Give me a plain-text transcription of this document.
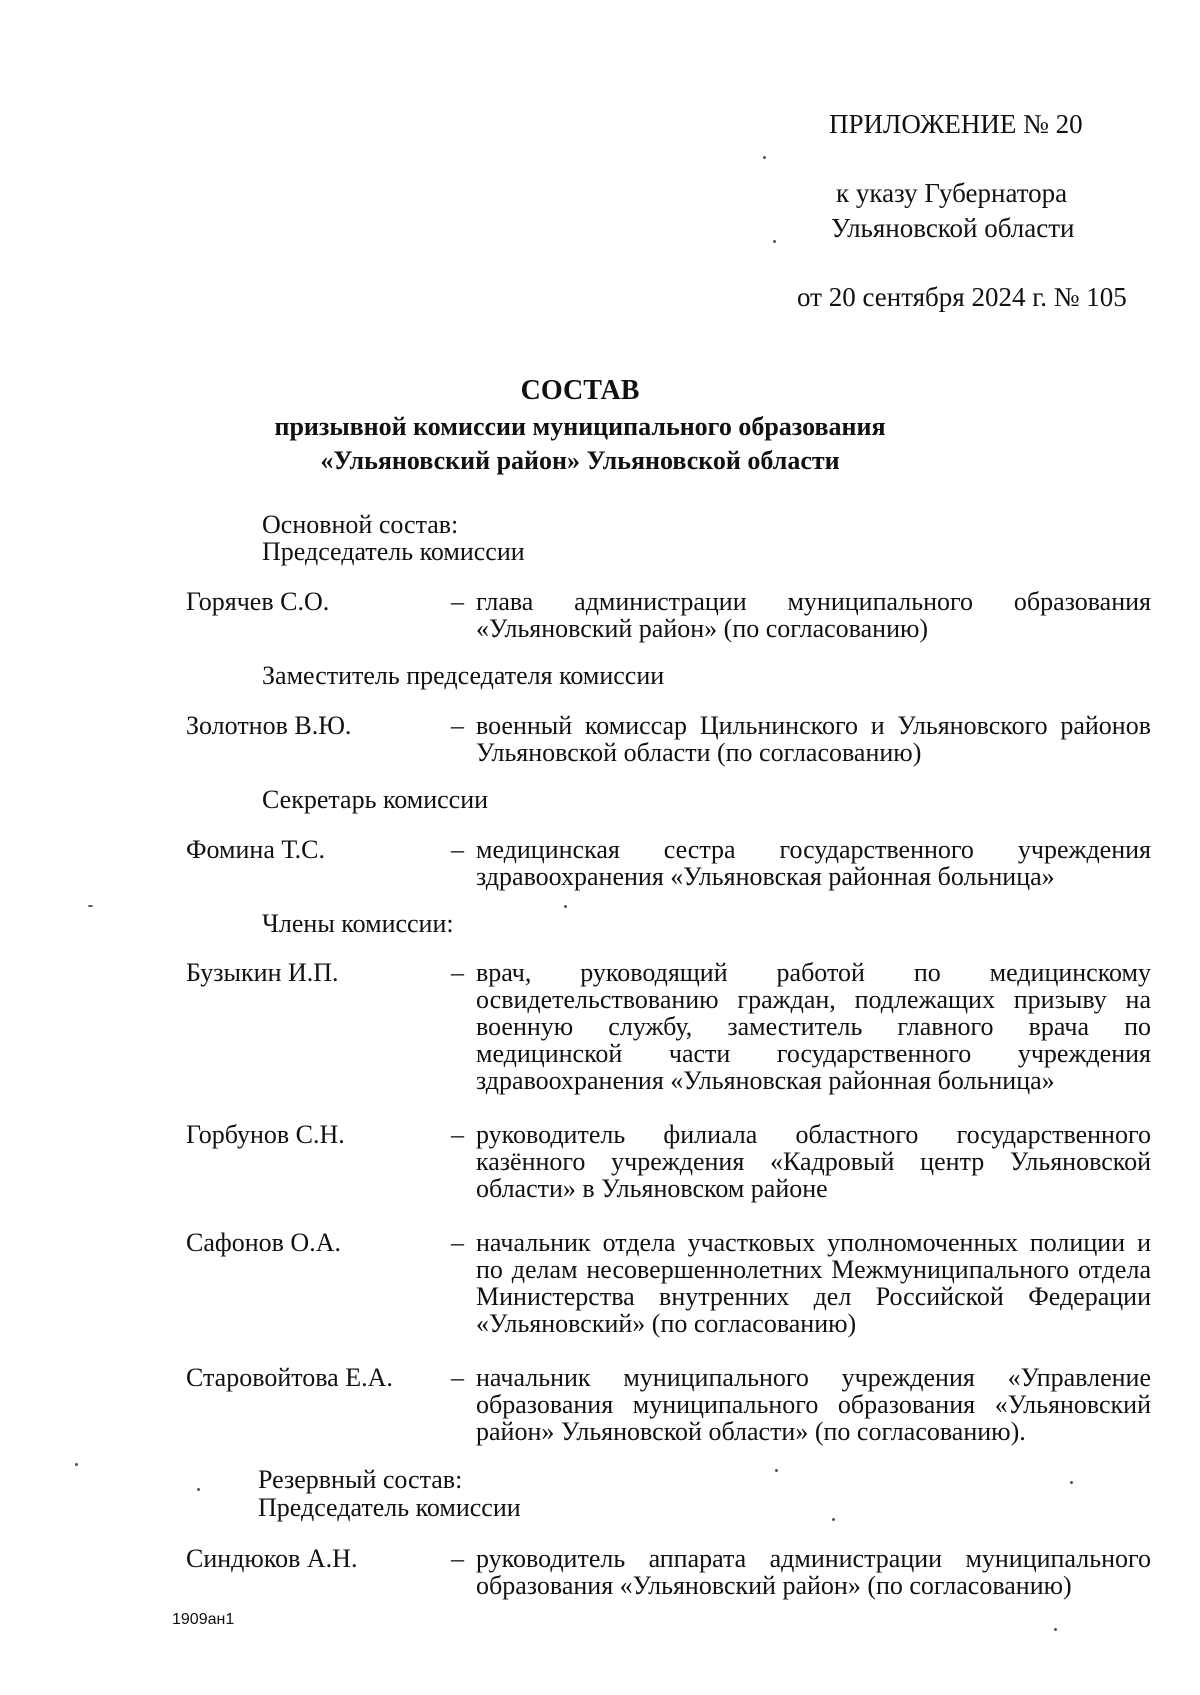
ПРИЛОЖЕНИЕ № 20
к указу Губернатора
Ульяновской области
от 20 сентября 2024 г. № 105
СОСТАВ
призывной комиссии муниципального образования
«Ульяновский район» Ульяновской области
Основной состав:
Председатель комиссии
Горячев С.О.	– глава администрации муниципального образования «Ульяновский район» (по согласованию)
Заместитель председателя комиссии
Золотнов В.Ю.	– военный комиссар Цильнинского и Ульяновского районов Ульяновской области (по согласованию)
Секретарь комиссии
Фомина Т.С.	– медицинская сестра государственного учреждения здравоохранения «Ульяновская районная больница»
Члены комиссии:
Бузыкин И.П.	– врач, руководящий работой по медицинскому освидетельствованию граждан, подлежащих призыву на военную службу, заместитель главного врача по медицинской части государственного учреждения здравоохранения «Ульяновская районная больница»
Горбунов С.Н.	– руководитель филиала областного государственного казённого учреждения «Кадровый центр Ульяновской области» в Ульяновском районе
Сафонов О.А.	– начальник отдела участковых уполномоченных полиции и по делам несовершеннолетних Межмуниципального отдела Министерства внутренних дел Российской Федерации «Ульяновский» (по согласованию)
Старовойтова Е.А. – начальник муниципального учреждения «Управление образования муниципального образования «Ульяновский район» Ульяновской области» (по согласованию).
Резервный состав:
Председатель комиссии
Синдюков А.Н.	– руководитель аппарата администрации муниципального образования «Ульяновский район» (по согласованию)
1909ан1
